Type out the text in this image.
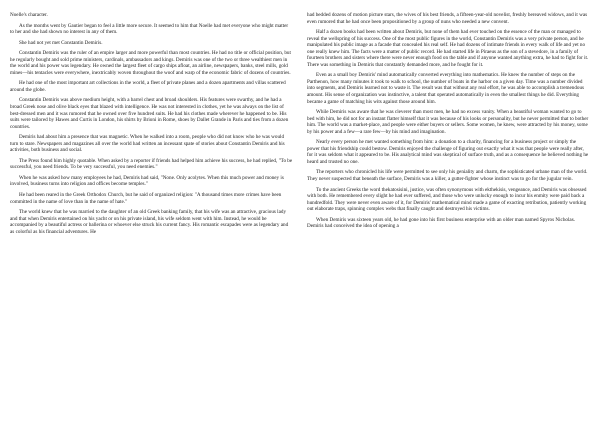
Noelle's character.

As the months went by Gautier began to feel a little more secure. It seemed to him that Noelle had met everyone who might matter to her and she had shown no interest in any of them.

She had not yet met Constantin Demiris.

Constantin Demiris was the ruler of an empire larger and more powerful than most countries. He had no title or official position, but he regularly bought and sold prime ministers, cardinals, ambassadors and kings. Demiris was one of the two or three wealthiest men in the world and his power was legendary. He owned the largest fleet of cargo ships afloat, an airline, newspapers, banks, steel mills, gold mines—his tentacles were everywhere, inextricably woven throughout the woof and warp of the economic fabric of dozens of countries.

He had one of the most important art collections in the world, a fleet of private planes and a dozen apartments and villas scattered around the globe.

Constantin Demiris was above medium height, with a barrel chest and broad shoulders. His features were swarthy, and he had a broad Greek nose and olive black eyes that blazed with intelligence. He was not interested in clothes, yet he was always on the list of best-dressed men and it was rumored that he owned over five hundred suits. He had his clothes made wherever he happened to be. His suits were tailored by Hawes and Curtis in London, his shirts by Brioni in Rome, shoes by Dallet Grande in Paris and ties from a dozen countries.

Demiris had about him a presence that was magnetic. When he walked into a room, people who did not know who he was would turn to stare. Newspapers and magazines all over the world had written an incessant spate of stories about Constantin Demiris and his activities, both business and social.

The Press found him highly quotable. When asked by a reporter if friends had helped him achieve his success, he had replied, "To be successful, you need friends. To be very successful, you need enemies."

When he was asked how many employees he had, Demiris had said, "None. Only acolytes. When this much power and money is involved, business turns into religion and offices become temples."

He had been reared in the Greek Orthodox Church, but he said of organized religion: "A thousand times more crimes have been committed in the name of love than in the name of hate."

The world knew that he was married to the daughter of an old Greek banking family, that his wife was an attractive, gracious lady and that when Demiris entertained on his yacht or on his private island, his wife seldom went with him. Instead, he would be accompanied by a beautiful actress or ballerina or whoever else struck his current fancy. His romantic escapades were as legendary and as colorful as his financial adventures. He

had bedded dozens of motion picture stars, the wives of his best friends, a fifteen-year-old novelist, freshly bereaved widows, and it was even rumored that he had once been propositioned by a group of nuns who needed a new convent.

Half a dozen books had been written about Demiris, but none of them had ever touched on the essence of the man or managed to reveal the wellspring of his success. One of the most public figures in the world, Constantin Demiris was a very private person, and he manipulated his public image as a facade that concealed his real self. He had dozens of intimate friends in every walk of life and yet no one really knew him. The facts were a matter of public record. He had started life in Piraeus as the son of a stevedore, in a family of fourteen brothers and sisters where there were never enough food on the table and if anyone wanted anything extra, he had to fight for it. There was something in Demiris that constantly demanded more, and he fought for it.

Even as a small boy Demiris' mind automatically converted everything into mathematics. He knew the number of steps on the Parthenon, how many minutes it took to walk to school, the number of boats in the harbor on a given day. Time was a number divided into segments, and Demiris learned not to waste it. The result was that without any real effort, he was able to accomplish a tremendous amount. His sense of organization was instinctive, a talent that operated automatically in even the smallest things he did. Everything became a game of matching his wits against those around him.

While Demiris was aware that he was cleverer than most men, he had no excess vanity. When a beautiful woman wanted to go to bed with him, he did not for an instant flatter himself that it was because of his looks or personality, but he never permitted that to bother him. The world was a market-place, and people were either buyers or sellers. Some women, he knew, were attracted by his money, some by his power and a few—a rare few—by his mind and imagination.

Nearly every person he met wanted something from him: a donation to a charity, financing for a business project or simply the power that his friendship could bestow. Demiris enjoyed the challenge of figuring out exactly what it was that people were really after, for it was seldom what it appeared to be. His analytical mind was skeptical of surface truth, and as a consequence he believed nothing he heard and trusted no one.

The reporters who chronicled his life were permitted to see only his geniality and charm, the sophisticated urbane man of the world. They never suspected that beneath the surface, Demiris was a killer, a gutter-fighter whose instinct was to go for the jugular vein.

To the ancient Greeks the word thekatosisini, justice, was often synonymous with ekthekisis, vengeance, and Demiris was obsessed with both. He remembered every slight he had ever suffered, and those who were unlucky enough to incur his enmity were paid back a hundredfold. They were never even aware of it, for Demiris' mathematical mind made a game of exacting retribution, patiently working out elaborate traps, spinning complex webs that finally caught and destroyed his victims.

When Demiris was sixteen years old, he had gone into his first business enterprise with an older man named Spyros Nicholas. Demiris had conceived the idea of opening a
